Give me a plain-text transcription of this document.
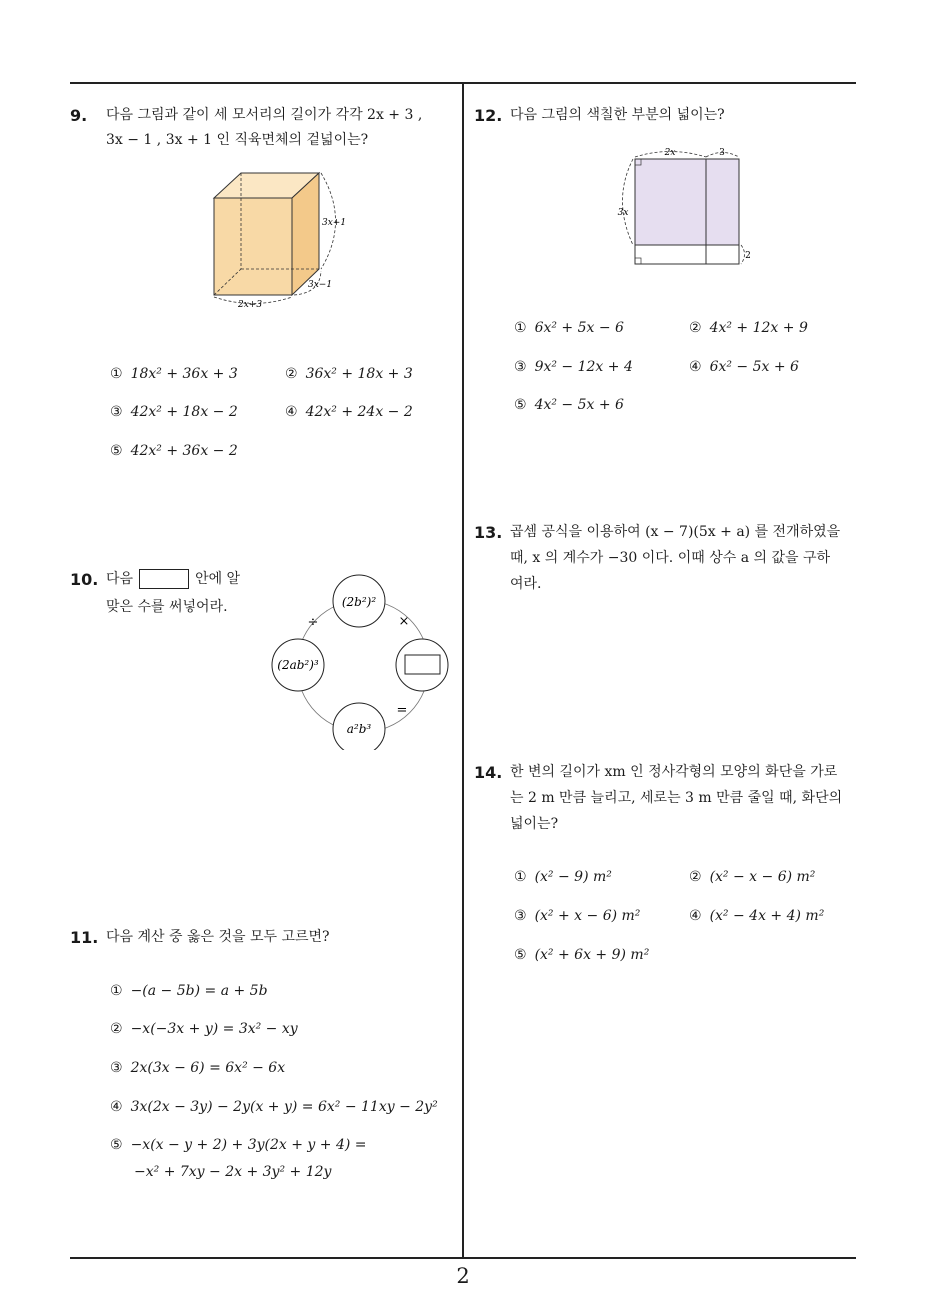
2
9. 다음 그림과 같이 세 모서리의 길이가 각각 2x + 3 ,
3x − 1 , 3x + 1 인 직육면체의 겉넓이는?
3x+1
3x−1
2x+3
① 18x² + 36x + 3	② 36x² + 18x + 3
③ 42x² + 18x − 2	④ 42x² + 24x − 2
⑤ 42x² + 36x − 2
10. 다음	안에 알
맞은 수를 써넣어라.	(2b²)²
(2ab²)³
a²b³
÷	×
=
11. 다음 계산 중 옳은 것을 모두 고르면?
① −(a − 5b) = a + 5b
② −x(−3x + y) = 3x² − xy
③ 2x(3x − 6) = 6x² − 6x
④ 3x(2x − 3y) − 2y(x + y) = 6x² − 11xy − 2y²
⑤ −x(x − y + 2) + 3y(2x + y + 4) =
−x² + 7xy − 2x + 3y² + 12y
12. 다음 그림의 색칠한 부분의 넓이는?
2x	3
3x
2
① 6x² + 5x − 6	② 4x² + 12x + 9
③ 9x² − 12x + 4	④ 6x² − 5x + 6
⑤ 4x² − 5x + 6
13. 곱셈 공식을 이용하여 (x − 7)(5x + a) 를 전개하였을
때, x 의 계수가 −30 이다. 이때 상수 a 의 값을 구하
여라.
14. 한 변의 길이가 xm 인 정사각형의 모양의 화단을 가로
는 2 m 만큼 늘리고, 세로는 3 m 만큼 줄일 때, 화단의
넓이는?
① (x² − 9) m²	② (x² − x − 6) m²
③ (x² + x − 6) m²	④ (x² − 4x + 4) m²
⑤ (x² + 6x + 9) m²
